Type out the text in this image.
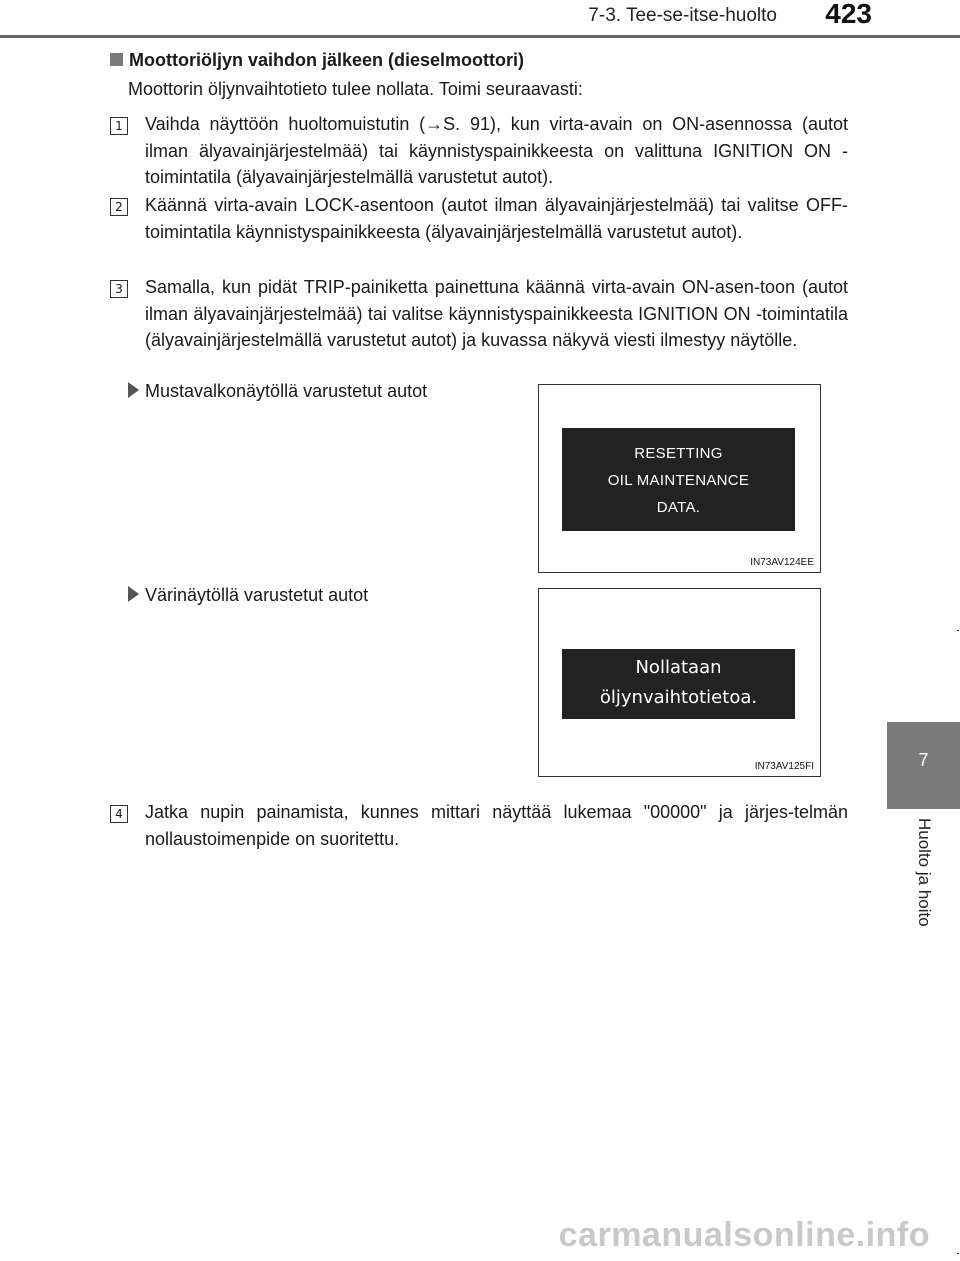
7-3. Tee-se-itse-huolto 423
7
Huolto ja hoito
Moottoriöljyn vaihdon jälkeen (dieselmoottori)
Moottorin öljynvaihtotieto tulee nollata. Toimi seuraavasti:
1 Vaihda näyttöön huoltomuistutin (→S. 91), kun virta-avain on ON-asennossa (autot ilman älyavainjärjestelmää) tai käynnistyspainikkeesta on valittuna IGNITION ON -toimintatila (älyavainjärjestelmällä varustetut autot).
2 Käännä virta-avain LOCK-asentoon (autot ilman älyavainjärjestelmää) tai valitse OFF-toimintatila käynnistyspainikkeesta (älyavainjärjestelmällä varustetut autot).
3 Samalla, kun pidät TRIP-painiketta painettuna käännä virta-avain ON-asen-toon (autot ilman älyavainjärjestelmää) tai valitse käynnistyspainikkeesta IGNITION ON -toimintatila (älyavainjärjestelmällä varustetut autot) ja kuvassa näkyvä viesti ilmestyy näytölle.
Mustavalkonäytöllä varustetut autot
RESETTING
OIL MAINTENANCE
DATA.
IN73AV124EE
Värinäytöllä varustetut autot
Nollataan
öljynvaihtotietoa.
IN73AV125FI
4 Jatka nupin painamista, kunnes mittari näyttää lukemaa "00000" ja järjes-telmän nollaustoimenpide on suoritettu.
carmanualsonline.info
